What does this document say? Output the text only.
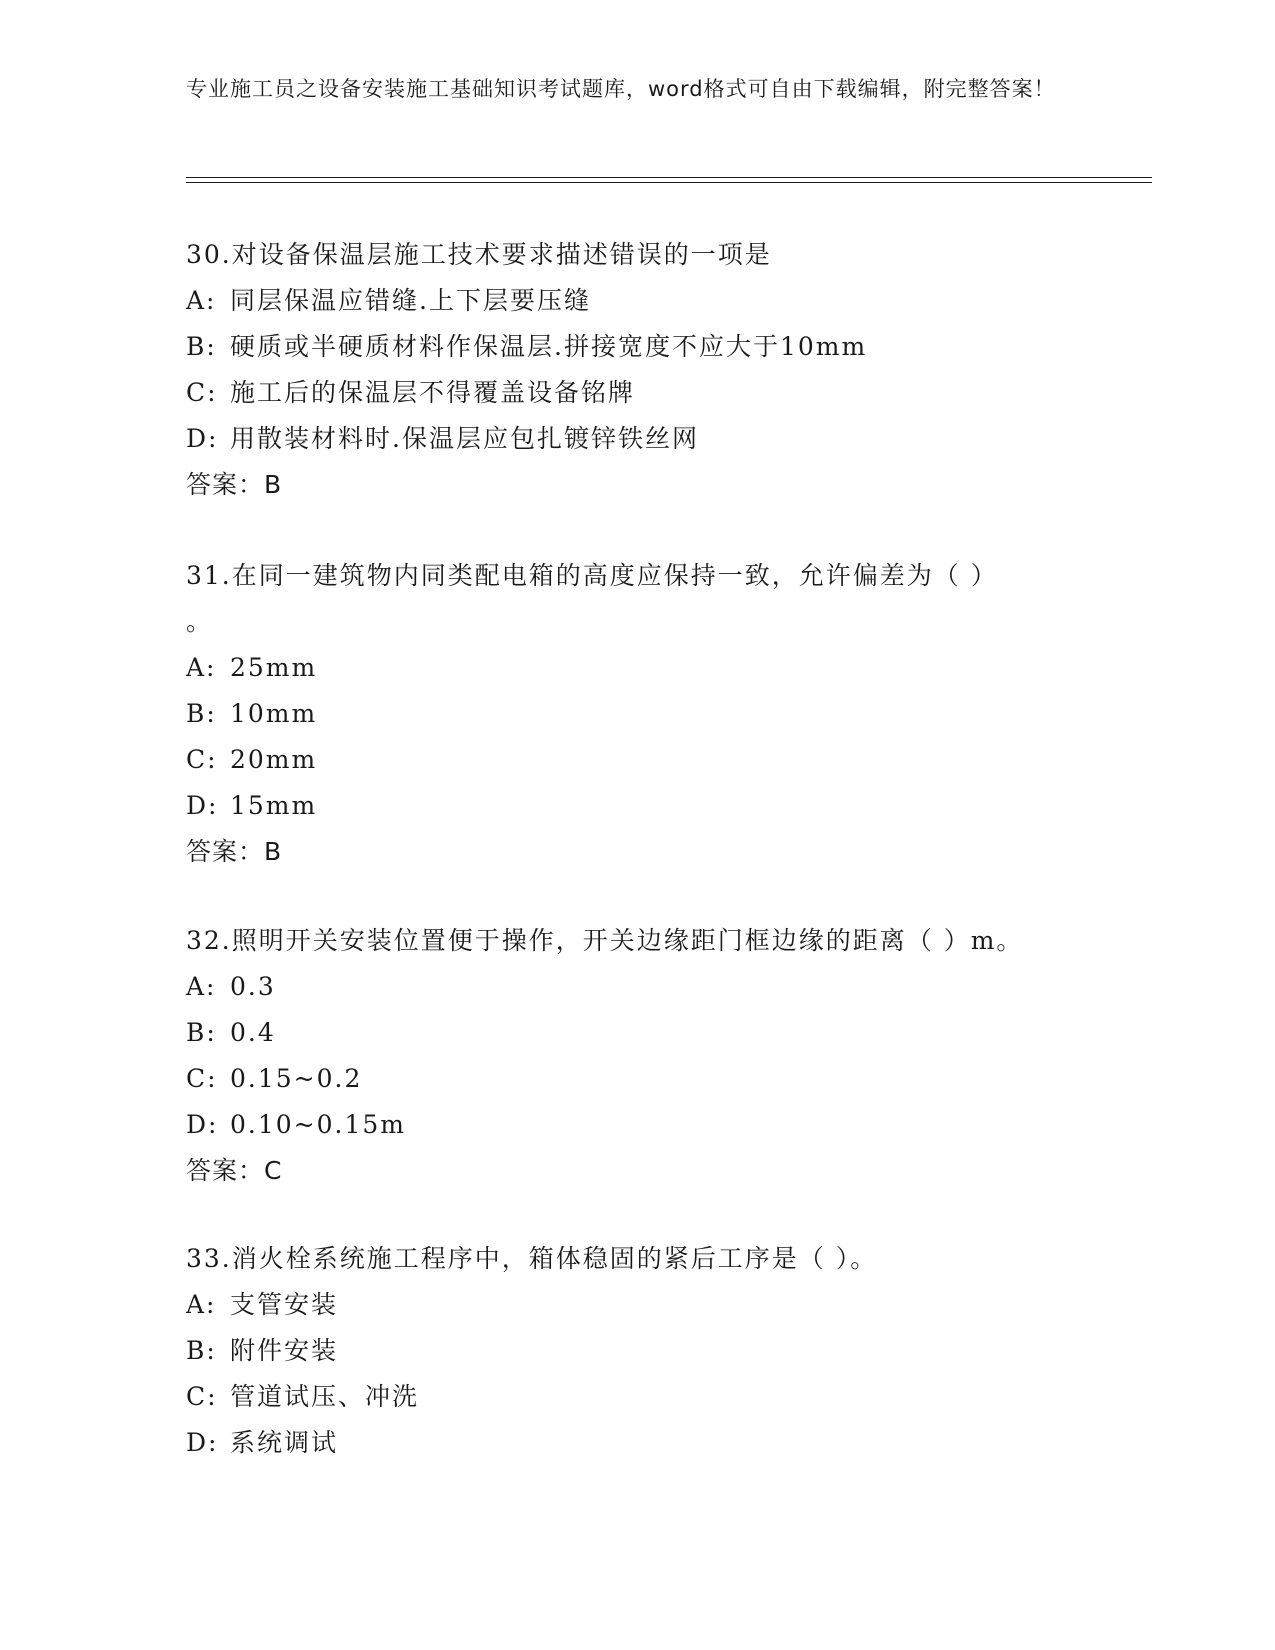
专业施工员之设备安装施工基础知识考试题库，word格式可自由下载编辑，附完整答案！

30.对设备保温层施工技术要求描述错误的一项是

A: 同层保温应错缝.上下层要压缝

B: 硬质或半硬质材料作保温层.拼接宽度不应大于10mm

C: 施工后的保温层不得覆盖设备铭牌

D: 用散装材料时.保温层应包扎镀锌铁丝网

答案：B

31.在同一建筑物内同类配电箱的高度应保持一致，允许偏差为（ ）

。

A: 25mm

B: 10mm

C: 20mm

D: 15mm

答案：B

32.照明开关安装位置便于操作，开关边缘距门框边缘的距离（ ）m。

A: 0.3

B: 0.4

C: 0.15~0.2

D: 0.10~0.15m

答案：C

33.消火栓系统施工程序中，箱体稳固的紧后工序是（ ）。

A: 支管安装

B: 附件安装

C: 管道试压、冲洗

D: 系统调试
